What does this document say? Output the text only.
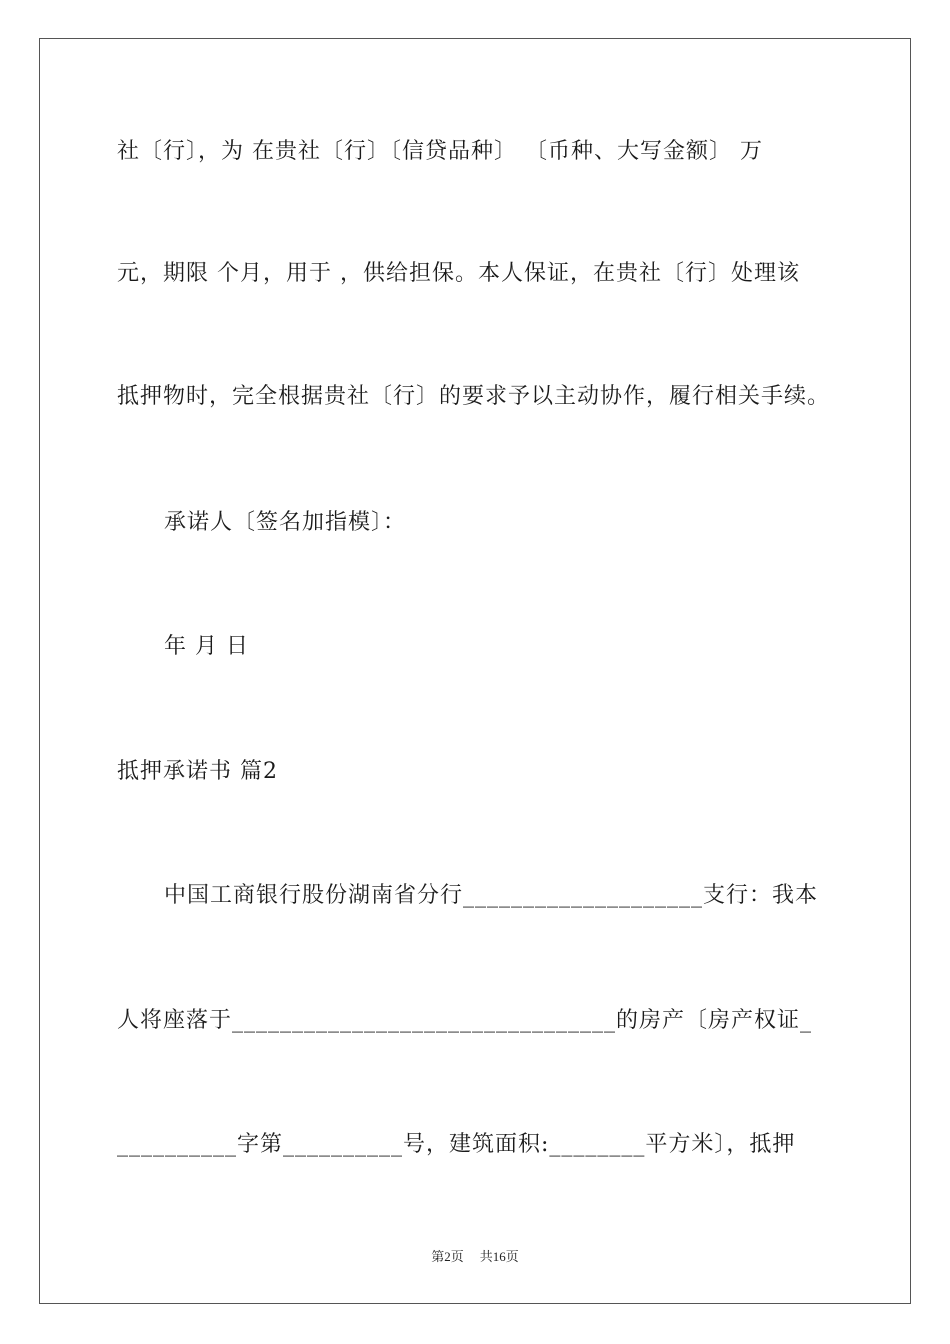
社〔行〕，为 在贵社〔行〕〔信贷品种〕 〔币种、大写金额〕 万
元，期限 个月，用于 ，供给担保。本人保证，在贵社〔行〕处理该
抵押物时，完全根据贵社〔行〕的要求予以主动协作，履行相关手续。
承诺人〔签名加指模〕：
年 月 日
抵押承诺书 篇2
中国工商银行股份湖南省分行____________________支行：我本
人将座落于________________________________的房产〔房产权证_
__________字第__________号，建筑面积:________平方米〕，抵押
第2页 共16页
